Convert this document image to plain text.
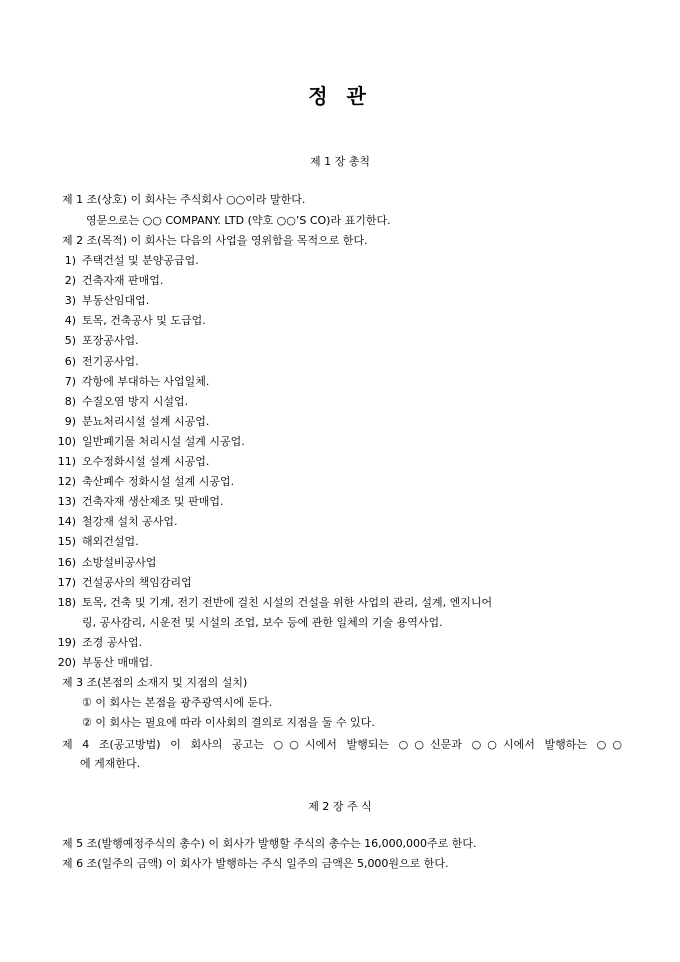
정 관
제 1 장 총칙
제 1 조(상호) 이 회사는 주식회사 ○○이라 말한다.
영문으로는 ○○ COMPANY. LTD (약호 ○○’S CO)라 표기한다.
제 2 조(목적) 이 회사는 다음의 사업을 영위함을 목적으로 한다.
1) 주택건설 및 분양공급업.
2) 건축자재 판매업.
3) 부동산임대업.
4) 토목, 건축공사 및 도급업.
5) 포장공사업.
6) 전기공사업.
7) 각항에 부대하는 사업일체.
8) 수질오염 방지 시설업.
9) 분뇨처리시설 설계 시공업.
10) 일반폐기물 처리시설 설계 시공업.
11) 오수정화시설 설계 시공업.
12) 축산폐수 정화시설 설계 시공업.
13) 건축자재 생산제조 및 판매업.
14) 철강재 설치 공사업.
15) 해외건설업.
16) 소방설비공사업
17) 건설공사의 책임감리업
18) 토목, 건축 및 기계, 전기 전반에 걸친 시설의 건설을 위한 사업의 관리, 설계, 엔지니어
링, 공사감리, 시운전 및 시설의 조업, 보수 등에 관한 일체의 기술 용역사업.
19) 조경 공사업.
20) 부동산 매매업.
제 3 조(본점의 소재지 및 지점의 설치)
① 이 회사는 본점을 광주광역시에 둔다.
② 이 회사는 필요에 따라 이사회의 결의로 지점을 둘 수 있다.
제 4 조(공고방법) 이 회사의 공고는 ○○시에서 발행되는 ○○신문과 ○○시에서 발행하는 ○○
에 게재한다.
제 2 장 주 식
제 5 조(발행예정주식의 총수) 이 회사가 발행할 주식의 총수는 16,000,000주로 한다.
제 6 조(일주의 금액) 이 회사가 발행하는 주식 일주의 금액은 5,000원으로 한다.
